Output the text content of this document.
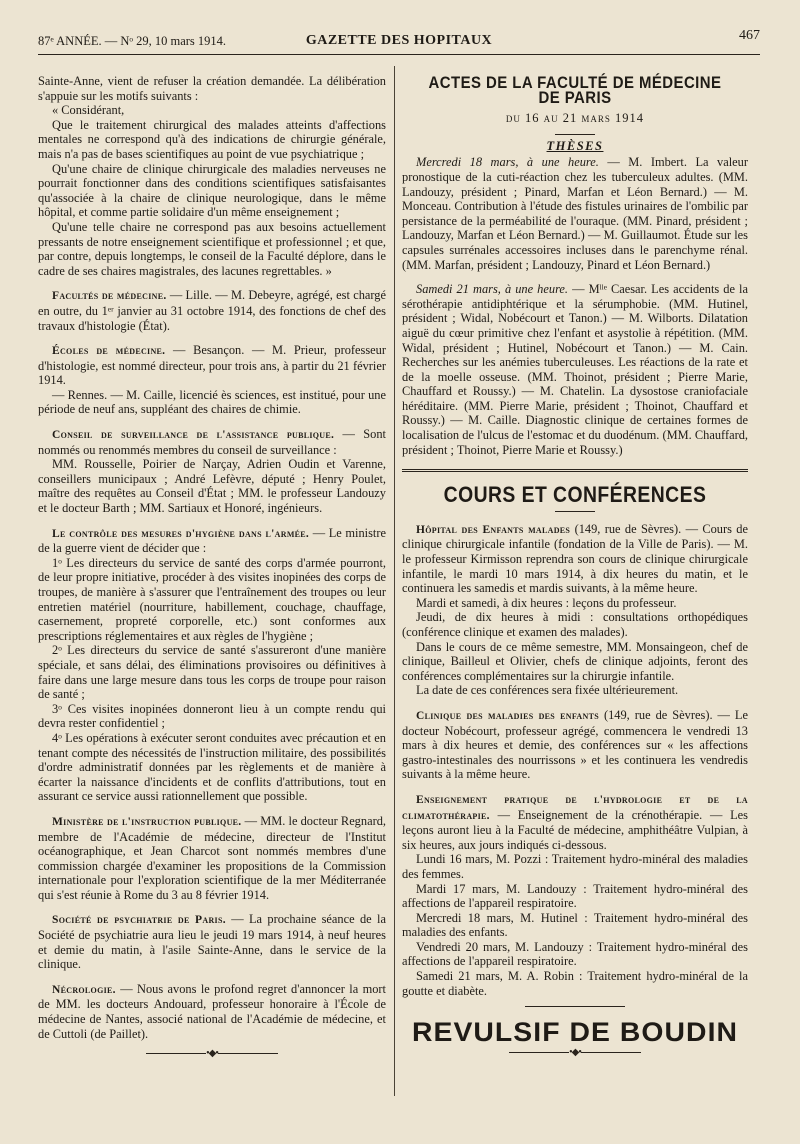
87ᵉ ANNÉE. — Nᵒ 29, 10 mars 1914.	GAZETTE DES HOPITAUX	467

Sainte-Anne, vient de refuser la création demandée. La délibération s'appuie sur les motifs suivants :

« Considérant,

Que le traitement chirurgical des malades atteints d'affections mentales ne correspond qu'à des indications de chirurgie générale, mais n'a pas de bases scientifiques au point de vue psychiatrique ;

Qu'une chaire de clinique chirurgicale des maladies nerveuses ne pourrait fonctionner dans des conditions scientifiques satisfaisantes qu'associée à la chaire de clinique neurologique, dans le même hôpital, et comme partie solidaire d'un même enseignement ;

Qu'une telle chaire ne correspond pas aux besoins actuellement pressants de notre enseignement scientifique et professionnel ; et que, par contre, depuis longtemps, le conseil de la Faculté déplore, dans le cadre de ses chaires magistrales, des lacunes regrettables. »

Facultés de médecine. — Lille. — M. Debeyre, agrégé, est chargé en outre, du 1ᵉʳ janvier au 31 octobre 1914, des fonctions de chef des travaux d'histologie (État).

Écoles de médecine. — Besançon. — M. Prieur, professeur d'histologie, est nommé directeur, pour trois ans, à partir du 21 février 1914.

— Rennes. — M. Caille, licencié ès sciences, est institué, pour une période de neuf ans, suppléant des chaires de chimie.

Conseil de surveillance de l'assistance publique. — Sont nommés ou renommés membres du conseil de surveillance :

MM. Rousselle, Poirier de Narçay, Adrien Oudin et Varenne, conseillers municipaux ; André Lefèvre, député ; Henry Poulet, maître des requêtes au Conseil d'État ; MM. le professeur Landouzy et le docteur Barth ; MM. Sartiaux et Honoré, ingénieurs.

Le contrôle des mesures d'hygiène dans l'armée. — Le ministre de la guerre vient de décider que :

1ᵒ Les directeurs du service de santé des corps d'armée pourront, de leur propre initiative, procéder à des visites inopinées des corps de troupes, de manière à s'assurer que l'entraînement des troupes ou leur entretien matériel (nourriture, habillement, couchage, chauffage, casernement, propreté corporelle, etc.) sont conformes aux prescriptions réglementaires et aux règles de l'hygiène ;

2ᵒ Les directeurs du service de santé s'assureront d'une manière spéciale, et sans délai, des éliminations provisoires ou définitives à faire dans une large mesure dans tous les corps de troupe pour raison de santé ;

3ᵒ Ces visites inopinées donneront lieu à un compte rendu qui devra rester confidentiel ;

4ᵒ Les opérations à exécuter seront conduites avec précaution et en tenant compte des nécessités de l'instruction militaire, des possibilités d'ordre administratif données par les règlements et de manière à écarter la naissance d'incidents et de conflits d'attributions, tout en assurant ce service aussi rationnellement que possible.

Ministère de l'instruction publique. — MM. le docteur Regnard, membre de l'Académie de médecine, directeur de l'Institut océanographique, et Jean Charcot sont nommés membres d'une commission chargée d'examiner les propositions de la Commission internationale pour l'exploration scientifique de la mer Méditerranée qui s'est réunie à Rome du 3 au 8 février 1914.

Société de psychiatrie de Paris. — La prochaine séance de la Société de psychiatrie aura lieu le jeudi 19 mars 1914, à neuf heures et demie du matin, à l'asile Sainte-Anne, dans le service de la clinique.

Nécrologie. — Nous avons le profond regret d'annoncer la mort de MM. les docteurs Andouard, professeur honoraire à l'École de médecine de Nantes, associé national de l'Académie de médecine, et de Cuttoli (de Paillet).

•◆•
ACTES DE LA FACULTÉ DE MÉDECINE DE PARIS
du 16 au 21 mars 1914
THÈSES

Mercredi 18 mars, à une heure. — M. Imbert. La valeur pronostique de la cuti-réaction chez les tuberculeux adultes. (MM. Landouzy, président ; Pinard, Marfan et Léon Bernard.) — M. Monceau. Contribution à l'étude des fistules urinaires de l'ombilic par persistance de la perméabilité de l'ouraque. (MM. Pinard, président ; Landouzy, Marfan et Léon Bernard.) — M. Guillaumot. Étude sur les capsules surrénales accessoires incluses dans le parenchyme rénal. (MM. Marfan, président ; Landouzy, Pinard et Léon Bernard.)

Samedi 21 mars, à une heure. — Mˡˡᵉ Caesar. Les accidents de la sérothérapie antidiphtérique et la sérumphobie. (MM. Hutinel, président ; Widal, Nobécourt et Tanon.) — M. Wilborts. Dilatation aiguë du cœur primitive chez l'enfant et asystolie à répétition. (MM. Widal, président ; Hutinel, Nobécourt et Tanon.) — M. Cain. Recherches sur les anémies tuberculeuses. Les réactions de la rate et de la moelle osseuse. (MM. Thoinot, président ; Pierre Marie, Chauffard et Roussy.) — M. Chatelin. La dysostose craniofaciale héréditaire. (MM. Pierre Marie, président ; Thoinot, Chauffard et Roussy.) — M. Caille. Diagnostic clinique de certaines formes de localisation de l'ulcus de l'estomac et du duodénum. (MM. Chauffard, président ; Thoinot, Pierre Marie et Roussy.)

COURS ET CONFÉRENCES

Hôpital des Enfants malades (149, rue de Sèvres). — Cours de clinique chirurgicale infantile (fondation de la Ville de Paris). — M. le professeur Kirmisson reprendra son cours de clinique chirurgicale infantile, le mardi 10 mars 1914, à dix heures du matin, et le continuera les samedis et mardis suivants, à la même heure.

Mardi et samedi, à dix heures : leçons du professeur.

Jeudi, de dix heures à midi : consultations orthopédiques (conférence clinique et examen des malades).

Dans le cours de ce même semestre, MM. Monsaingeon, chef de clinique, Bailleul et Olivier, chefs de clinique adjoints, feront des conférences complémentaires sur la chirurgie infantile.

La date de ces conférences sera fixée ultérieurement.

Clinique des maladies des enfants (149, rue de Sèvres). — Le docteur Nobécourt, professeur agrégé, commencera le vendredi 13 mars à dix heures et demie, des conférences sur « les affections gastro-intestinales des nourrissons » et les continuera les vendredis suivants à la même heure.

Enseignement pratique de l'hydrologie et de la climatothérapie. — Enseignement de la crénothérapie. — Les leçons auront lieu à la Faculté de médecine, amphithéâtre Vulpian, à six heures, aux jours indiqués ci-dessous.

Lundi 16 mars, M. Pozzi : Traitement hydro-minéral des maladies des femmes.

Mardi 17 mars, M. Landouzy : Traitement hydro-minéral des affections de l'appareil respiratoire.

Mercredi 18 mars, M. Hutinel : Traitement hydro-minéral des maladies des enfants.

Vendredi 20 mars, M. Landouzy : Traitement hydro-minéral des affections de l'appareil respiratoire.

Samedi 21 mars, M. A. Robin : Traitement hydro-minéral de la goutte et diabète.

REVULSIF DE BOUDIN
•◆•
